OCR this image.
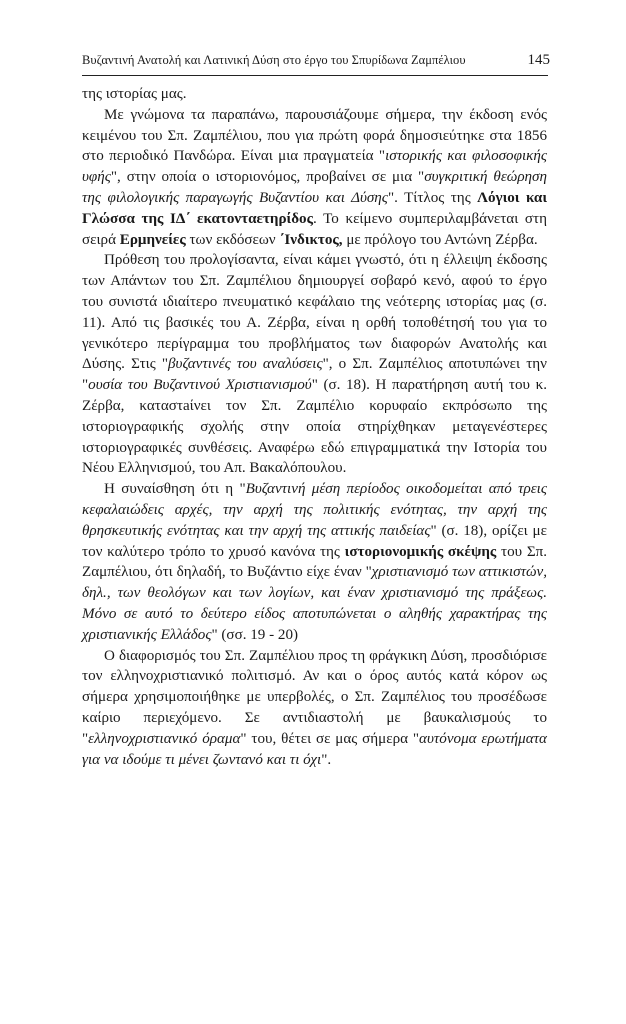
Βυζαντινή Ανατολή και Λατινική Δύση στο έργο του Σπυρίδωνα Ζαμπέλιου	145

της ιστορίας μας.

Με γνώμονα τα παραπάνω, παρουσιάζουμε σήμερα, την έκδοση ενός κειμένου του Σπ. Ζαμπέλιου, που για πρώτη φορά δημοσιεύτηκε στα 1856 στο περιοδικό Πανδώρα. Είναι μια πραγματεία "ιστορικής και φιλοσοφικής υφής", στην οποία ο ιστοριονόμος, προβαίνει σε μια "συγκριτική θεώρηση της φιλολογικής παραγωγής Βυζαντίου και Δύσης". Τίτλος της Λόγιοι και Γλώσσα της ΙΔ΄ εκατονταετηρίδος. Το κείμενο συμπεριλαμβάνεται στη σειρά Ερμηνείες των εκδόσεων ΄Ινδικτος, με πρόλογο του Αντώνη Ζέρβα.

Πρόθεση του προλογίσαντα, είναι κάμει γνωστό, ότι η έλλειψη έκδοσης των Απάντων του Σπ. Ζαμπέλιου δημιουργεί σοβαρό κενό, αφού το έργο του συνιστά ιδιαίτερο πνευματικό κεφάλαιο της νεότερης ιστορίας μας (σ. 11). Από τις βασικές του Α. Ζέρβα, είναι η ορθή τοποθέτησή του για το γενικότερο περίγραμμα του προβλήματος των διαφορών Ανατολής και Δύσης. Στις "βυζαντινές του αναλύσεις", ο Σπ. Ζαμπέλιος αποτυπώνει την "ουσία του Βυζαντινού Χριστιανισμού" (σ. 18). Η παρατήρηση αυτή του κ. Ζέρβα, καταστaίνει τον Σπ. Ζαμπέλιο κορυφαίο εκπρόσωπο της ιστοριογραφικής σχολής στην οποία στηρίχθηκαν μεταγενέστερες ιστοριογραφικές συνθέσεις. Αναφέρω εδώ επιγραμματικά την Ιστορία του Νέου Ελληνισμού, του Απ. Βακαλόπουλου.

Η συναίσθηση ότι η "Βυζαντινή μέση περίοδος οικοδομείται από τρεις κεφαλαιώδεις αρχές, την αρχή της πολιτικής ενότητας, την αρχή της θρησκευτικής ενότητας και την αρχή της αττικής παιδείας" (σ. 18), ορίζει με τον καλύτερο τρόπο το χρυσό κανόνα της ιστοριονομικής σκέψης του Σπ. Ζαμπέλιου, ότι δηλαδή, το Βυζάντιο είχε έναν "χριστιανισμό των αττικιστών, δηλ., των θεολόγων και των λογίων, και έναν χριστιανισμό της πράξεως. Μόνο σε αυτό το δεύτερο είδος αποτυπώνεται ο αληθής χαρακτήρας της χριστιανικής Ελλάδος" (σσ. 19 - 20)

Ο διαφορισμός του Σπ. Ζαμπέλιου προς τη φράγκικη Δύση, προσδιόρισε τον ελληνοχριστιανικό πολιτισμό. Αν και ο όρος αυτός κατά κόρον ως σήμερα χρησιμοποιήθηκε με υπερβολές, ο Σπ. Ζαμπέλιος του προσέδωσε καίριο περιεχόμενο. Σε αντιδιαστολή με βαυκαλισμούς το "ελληνοχριστιανικό όραμα" του, θέτει σε μας σήμερα "αυτόνομα ερωτήματα για να ιδούμε τι μένει ζωντανό και τι όχι".
